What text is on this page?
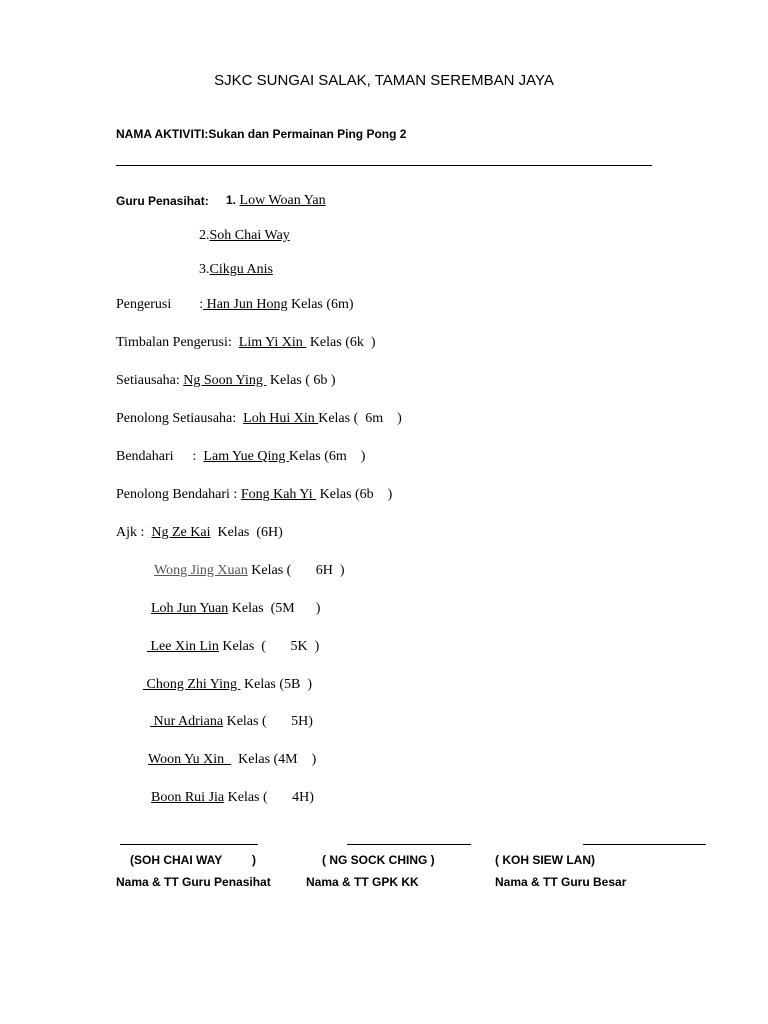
SJKC SUNGAI SALAK, TAMAN SEREMBAN JAYA
NAMA AKTIVITI:Sukan dan Permainan Ping Pong 2
Guru Penasihat: 1. Low Woan Yan
2.Soh Chai Way
3.Cikgu Anis
Pengerusi : Han Jun Hong Kelas (6m)
Timbalan Pengerusi: Lim Yi Xin  Kelas (6k  )
Setiausaha: Ng Soon Ying  Kelas ( 6b )
Penolong Setiausaha: Loh Hui Xin Kelas (  6m    )
Bendahari : Lam Yue Qing Kelas (6m    )
Penolong Bendahari : Fong Kah Yi  Kelas (6b    )
Ajk : Ng Ze Kai  Kelas  (6H)
Wong Jing Xuan Kelas (       6H  )
Loh Jun Yuan Kelas  (5M      )
Lee Xin Lin Kelas  (       5K  )
Chong Zhi Ying  Kelas (5B  )
Nur Adriana Kelas (       5H)
Woon Yu Xin    Kelas (4M    )
Boon Rui Jia Kelas (       4H)
(SOH CHAI WAY         )	( NG SOCK CHING )	( KOH SIEW LAN)
Nama & TT Guru Penasihat	Nama & TT GPK KK	Nama & TT Guru Besar
